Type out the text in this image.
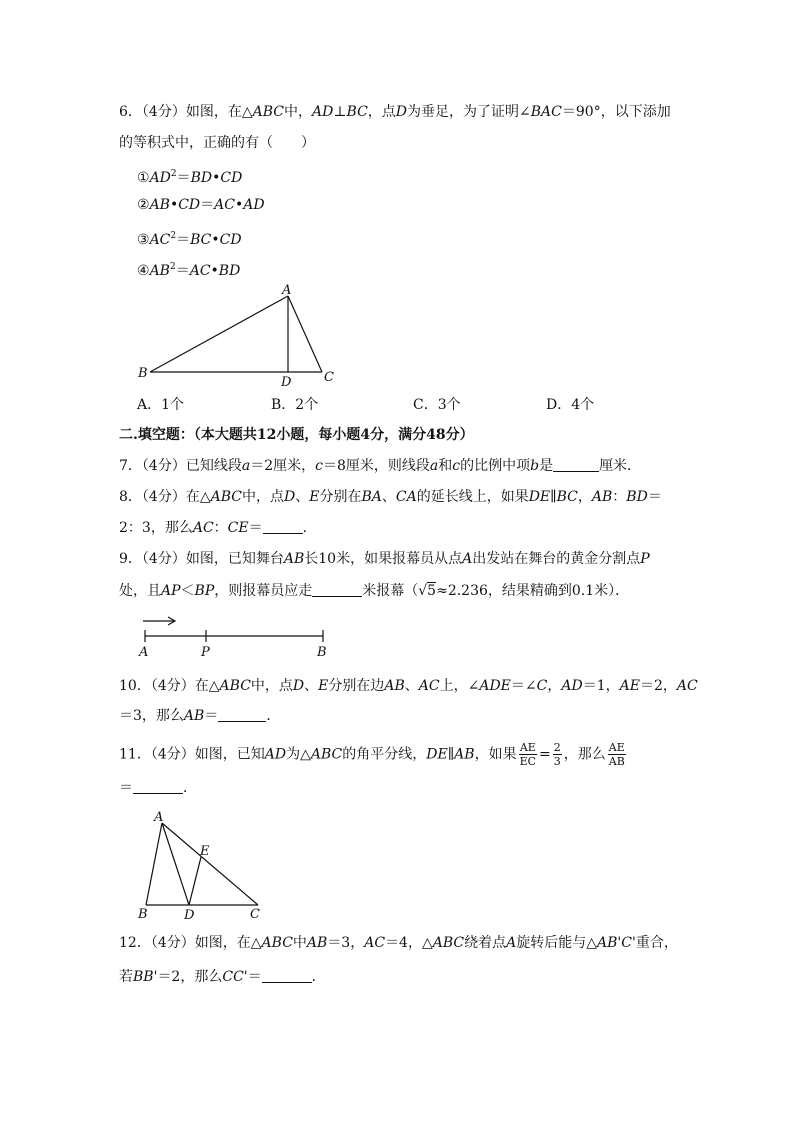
6．（4分）如图，在△ABC中，AD⊥BC，点D为垂足，为了证明∠BAC＝90°，以下添加
的等积式中，正确的有（　　）
$①AD^2=BD•CD$
②AB•CD＝AC•AD
$③AC^2=BC•CD$
$④AB^2=AC•BD$
A
B	C
D
A．1个	B．2个	C．3个	D．4个
二.填空题：（本大题共12小题，每小题4分，满分48分）
7．（4分）已知线段a＝2厘米，c＝8厘米，则线段a和c的比例中项b是	厘米．
8．（4分）在△ABC中，点D、E分别在BA、CA的延长线上，如果DE∥BC，AB：BD＝
2：3，那么AC：CE＝	．
9．（4分）如图，已知舞台AB长10米，如果报幕员从点A出发站在舞台的黄金分割点P
处，且AP＜BP，则报幕员应走	米报幕（√5≈2.236，结果精确到0.1米）．
A	P	B
10．（4分）在△ABC中，点D、E分别在边AB、AC上，∠ADE＝∠C，AD＝1，AE＝2，AC
＝3，那么AB＝	．
11．（4分）如图，已知AD为△ABC的角平分线，DE∥AB，如果 $\frac{AE}{EC} = \frac{2}{3}$ ，那么 $\frac{AE}{AB}$
＝	．
A
E
B	D	C
12．（4分）如图，在△ABC中AB＝3，AC＝4，△ABC绕着点A旋转后能与△AB'C'重合，
若BB'＝2，那么CC'＝	．
